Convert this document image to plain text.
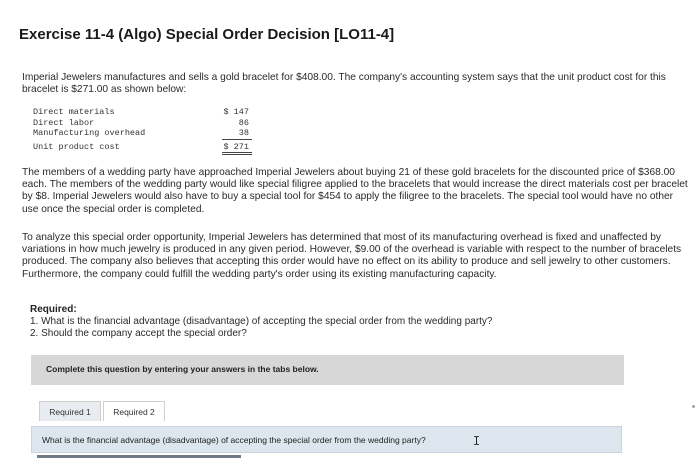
Exercise 11-4 (Algo) Special Order Decision [LO11-4]
Imperial Jewelers manufactures and sells a gold bracelet for $408.00. The company's accounting system says that the unit product cost for this bracelet is $271.00 as shown below:
Direct materials	$ 147
Direct labor	86
Manufacturing overhead	38
Unit product cost	$ 271
The members of a wedding party have approached Imperial Jewelers about buying 21 of these gold bracelets for the discounted price of $368.00 each. The members of the wedding party would like special filigree applied to the bracelets that would increase the direct materials cost per bracelet by $8. Imperial Jewelers would also have to buy a special tool for $454 to apply the filigree to the bracelets. The special tool would have no other use once the special order is completed.
To analyze this special order opportunity, Imperial Jewelers has determined that most of its manufacturing overhead is fixed and unaffected by variations in how much jewelry is produced in any given period. However, $9.00 of the overhead is variable with respect to the number of bracelets produced. The company also believes that accepting this order would have no effect on its ability to produce and sell jewelry to other customers. Furthermore, the company could fulfill the wedding party's order using its existing manufacturing capacity.
Required:
1. What is the financial advantage (disadvantage) of accepting the special order from the wedding party?
2. Should the company accept the special order?
Complete this question by entering your answers in the tabs below.
Required 1	Required 2
What is the financial advantage (disadvantage) of accepting the special order from the wedding party?
